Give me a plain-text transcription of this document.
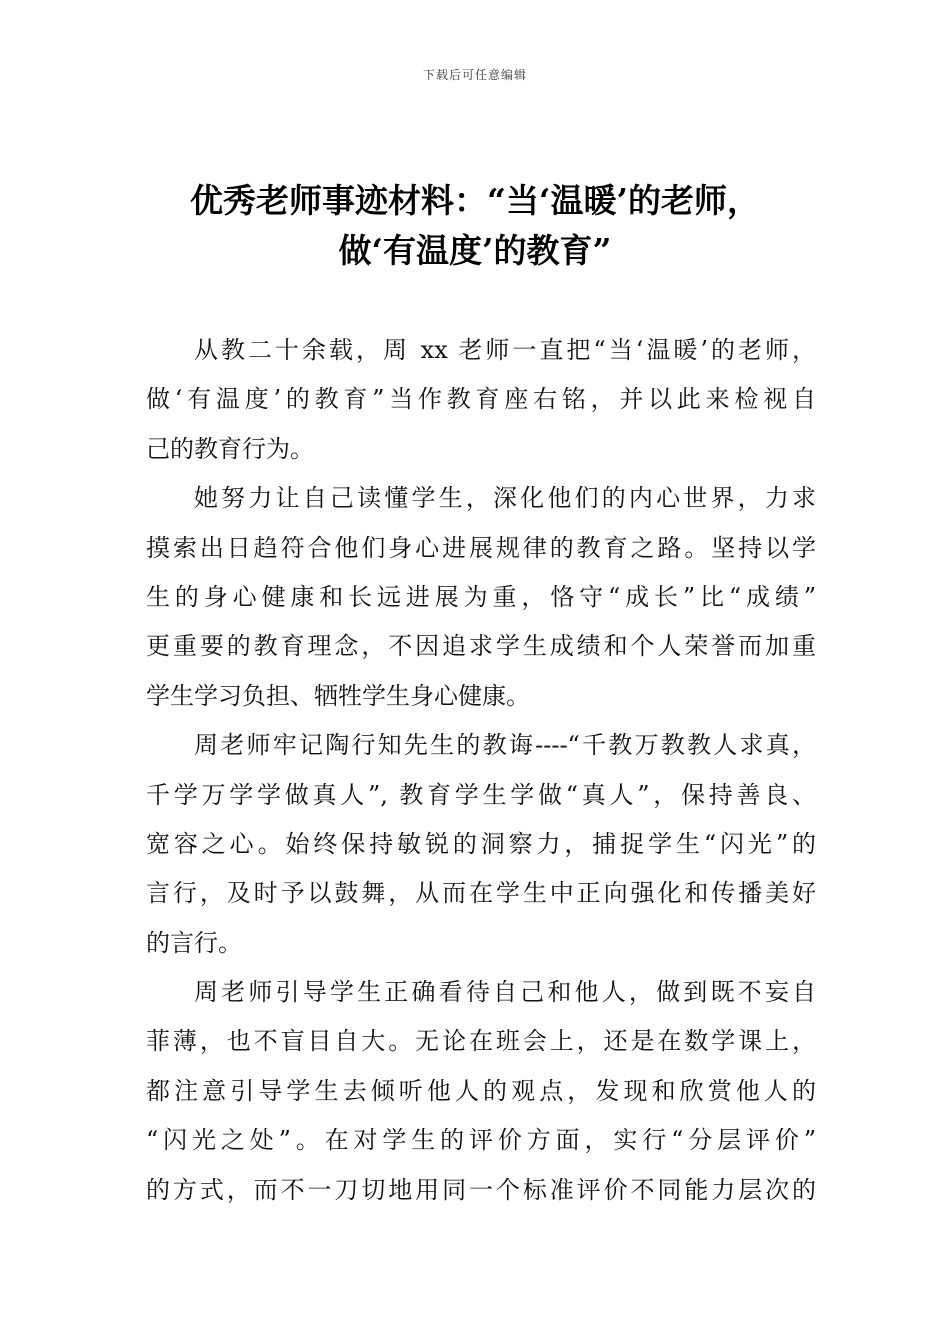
下载后可任意编辑
优秀老师事迹材料：“当‘温暖’的老师，
做‘有温度’的教育”
从教二十余载，周 xx 老师一直把“当‘温暖’的老师，
做‘有温度’的教育”当作教育座右铭，并以此来检视自
己的教育行为。
她努力让自己读懂学生，深化他们的内心世界，力求
摸索出日趋符合他们身心进展规律的教育之路。坚持以学
生的身心健康和长远进展为重，恪守“成长”比“成绩”
更重要的教育理念，不因追求学生成绩和个人荣誉而加重
学生学习负担、牺牲学生身心健康。
周老师牢记陶行知先生的教诲----“千教万教教人求真，
千学万学学做真人”, 教育学生学做“真人”，保持善良、
宽容之心。始终保持敏锐的洞察力，捕捉学生“闪光”的
言行，及时予以鼓舞，从而在学生中正向强化和传播美好
的言行。
周老师引导学生正确看待自己和他人，做到既不妄自
菲薄，也不盲目自大。无论在班会上，还是在数学课上，
都注意引导学生去倾听他人的观点，发现和欣赏他人的
“闪光之处”。在对学生的评价方面，实行“分层评价”
的方式，而不一刀切地用同一个标准评价不同能力层次的
